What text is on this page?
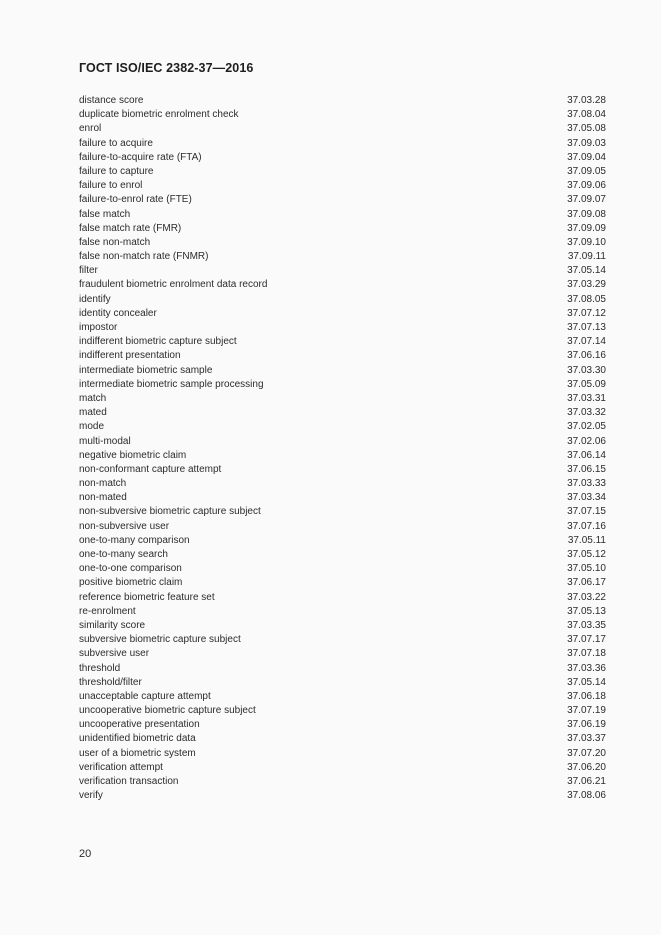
ГОСТ ISO/IEC 2382-37—2016
distance score	37.03.28
duplicate biometric enrolment check	37.08.04
enrol	37.05.08
failure to acquire	37.09.03
failure-to-acquire rate (FTA)	37.09.04
failure to capture	37.09.05
failure to enrol	37.09.06
failure-to-enrol rate (FTE)	37.09.07
false match	37.09.08
false match rate (FMR)	37.09.09
false non-match	37.09.10
false non-match rate (FNMR)	37.09.11
filter	37.05.14
fraudulent biometric enrolment data record	37.03.29
identify	37.08.05
identity concealer	37.07.12
impostor	37.07.13
indifferent biometric capture subject	37.07.14
indifferent presentation	37.06.16
intermediate biometric sample	37.03.30
intermediate biometric sample processing	37.05.09
match	37.03.31
mated	37.03.32
mode	37.02.05
multi-modal	37.02.06
negative biometric claim	37.06.14
non-conformant capture attempt	37.06.15
non-match	37.03.33
non-mated	37.03.34
non-subversive biometric capture subject	37.07.15
non-subversive user	37.07.16
one-to-many comparison	37.05.11
one-to-many search	37.05.12
one-to-one comparison	37.05.10
positive biometric claim	37.06.17
reference biometric feature set	37.03.22
re-enrolment	37.05.13
similarity score	37.03.35
subversive biometric capture subject	37.07.17
subversive user	37.07.18
threshold	37.03.36
threshold/filter	37.05.14
unacceptable capture attempt	37.06.18
uncooperative biometric capture subject	37.07.19
uncooperative presentation	37.06.19
unidentified biometric data	37.03.37
user of a biometric system	37.07.20
verification attempt	37.06.20
verification transaction	37.06.21
verify	37.08.06
20
